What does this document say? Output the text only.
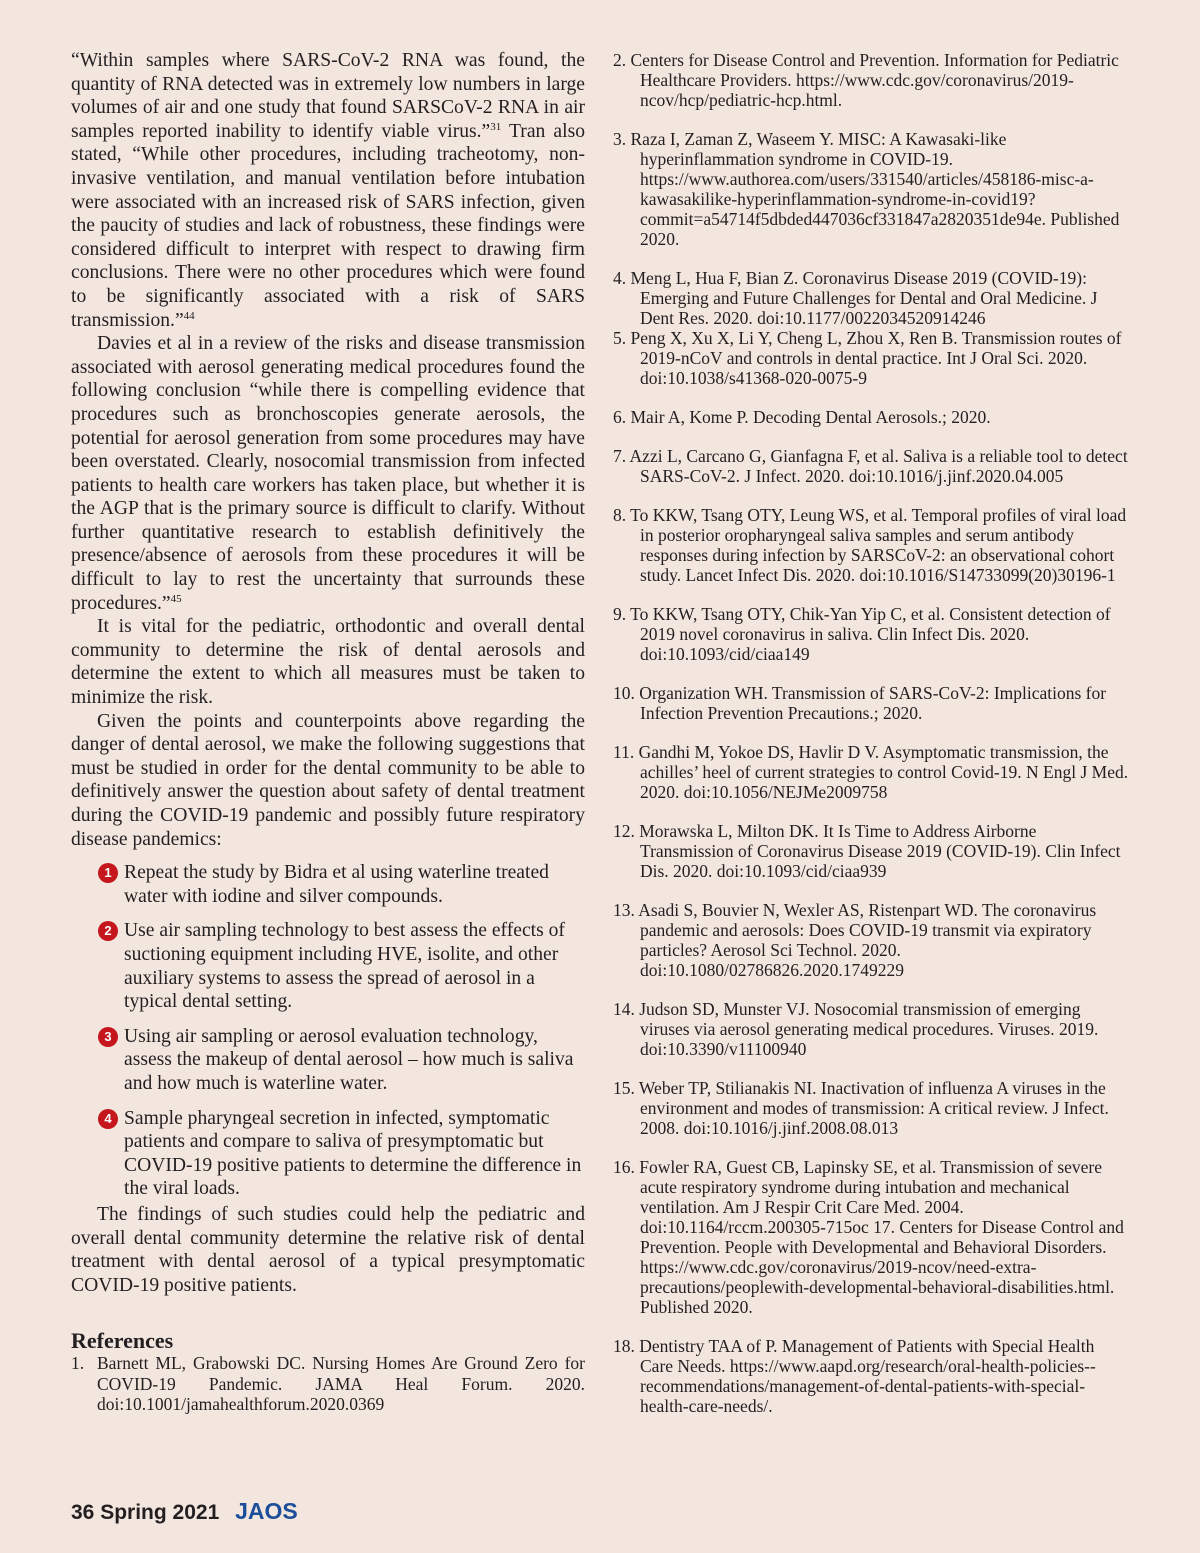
“Within samples where SARS-CoV-2 RNA was found, the quantity of RNA detected was in extremely low numbers in large volumes of air and one study that found SARSCoV-2 RNA in air samples reported inability to identify viable virus.”$^{31}$ Tran also stated, “While other procedures, including tracheotomy, non-invasive ventilation, and manual ventilation before intubation were associated with an increased risk of SARS infection, given the paucity of studies and lack of robustness, these findings were considered difficult to interpret with respect to drawing firm conclusions. There were no other procedures which were found to be significantly associated with a risk of SARS transmission.”$^{44}$

Davies et al in a review of the risks and disease transmission associated with aerosol generating medical procedures found the following conclusion “while there is compelling evidence that procedures such as bronchoscopies generate aerosols, the potential for aerosol generation from some procedures may have been overstated. Clearly, nosocomial transmission from infected patients to health care workers has taken place, but whether it is the AGP that is the primary source is difficult to clarify. Without further quantitative research to establish definitively the presence/absence of aerosols from these procedures it will be difficult to lay to rest the uncertainty that surrounds these procedures.”$^{45}$

It is vital for the pediatric, orthodontic and overall dental community to determine the risk of dental aerosols and determine the extent to which all measures must be taken to minimize the risk.

Given the points and counterpoints above regarding the danger of dental aerosol, we make the following suggestions that must be studied in order for the dental community to be able to definitively answer the question about safety of dental treatment during the COVID-19 pandemic and possibly future respiratory disease pandemics:

1 Repeat the study by Bidra et al using waterline treated water with iodine and silver compounds.
2 Use air sampling technology to best assess the effects of suctioning equipment including HVE, isolite, and other auxiliary systems to assess the spread of aerosol in a typical dental setting.
3 Using air sampling or aerosol evaluation technology, assess the makeup of dental aerosol – how much is saliva and how much is waterline water.
4 Sample pharyngeal secretion in infected, symptomatic patients and compare to saliva of presymptomatic but COVID-19 positive patients to determine the difference in the viral loads.

The findings of such studies could help the pediatric and overall dental community determine the relative risk of dental treatment with dental aerosol of a typical presymptomatic COVID-19 positive patients.

References

1. Barnett ML, Grabowski DC. Nursing Homes Are Ground Zero for COVID-19 Pandemic. JAMA Heal Forum. 2020. doi:10.1001/jamahealthforum.2020.0369

2. Centers for Disease Control and Prevention. Information for Pediatric Healthcare Providers. https://www.cdc.gov/coronavirus/2019-ncov/hcp/pediatric-hcp.html.

3. Raza I, Zaman Z, Waseem Y. MISC: A Kawasaki-like hyperinflammation syndrome in COVID-19. https://www.authorea.com/users/331540/articles/458186-misc-a-kawasakilike-hyperinflammation-syndrome-in-covid19?commit=a54714f5dbded447036cf331847a2820351de94e. Published 2020.

4. Meng L, Hua F, Bian Z. Coronavirus Disease 2019 (COVID-19): Emerging and Future Challenges for Dental and Oral Medicine. J Dent Res. 2020. doi:10.1177/0022034520914246

5. Peng X, Xu X, Li Y, Cheng L, Zhou X, Ren B. Transmission routes of 2019-nCoV and controls in dental practice. Int J Oral Sci. 2020. doi:10.1038/s41368-020-0075-9

6. Mair A, Kome P. Decoding Dental Aerosols.; 2020.

7. Azzi L, Carcano G, Gianfagna F, et al. Saliva is a reliable tool to detect SARS-CoV-2. J Infect. 2020. doi:10.1016/j.jinf.2020.04.005

8. To KKW, Tsang OTY, Leung WS, et al. Temporal profiles of viral load in posterior oropharyngeal saliva samples and serum antibody responses during infection by SARSCoV-2: an observational cohort study. Lancet Infect Dis. 2020. doi:10.1016/S14733099(20)30196-1

9. To KKW, Tsang OTY, Chik-Yan Yip C, et al. Consistent detection of 2019 novel coronavirus in saliva. Clin Infect Dis. 2020. doi:10.1093/cid/ciaa149

10. Organization WH. Transmission of SARS-CoV-2: Implications for Infection Prevention Precautions.; 2020.

11. Gandhi M, Yokoe DS, Havlir D V. Asymptomatic transmission, the achilles’ heel of current strategies to control Covid-19. N Engl J Med. 2020. doi:10.1056/NEJMe2009758

12. Morawska L, Milton DK. It Is Time to Address Airborne Transmission of Coronavirus Disease 2019 (COVID-19). Clin Infect Dis. 2020. doi:10.1093/cid/ciaa939

13. Asadi S, Bouvier N, Wexler AS, Ristenpart WD. The coronavirus pandemic and aerosols: Does COVID-19 transmit via expiratory particles? Aerosol Sci Technol. 2020. doi:10.1080/02786826.2020.1749229

14. Judson SD, Munster VJ. Nosocomial transmission of emerging viruses via aerosol generating medical procedures. Viruses. 2019. doi:10.3390/v11100940

15. Weber TP, Stilianakis NI. Inactivation of influenza A viruses in the environment and modes of transmission: A critical review. J Infect. 2008. doi:10.1016/j.jinf.2008.08.013

16. Fowler RA, Guest CB, Lapinsky SE, et al. Transmission of severe acute respiratory syndrome during intubation and mechanical ventilation. Am J Respir Crit Care Med. 2004. doi:10.1164/rccm.200305-715oc 17. Centers for Disease Control and Prevention. People with Developmental and Behavioral Disorders. https://www.cdc.gov/coronavirus/2019-ncov/need-extra-precautions/peoplewith-developmental-behavioral-disabilities.html. Published 2020.

18. Dentistry TAA of P. Management of Patients with Special Health Care Needs. https://www.aapd.org/research/oral-health-policies--recommendations/management-of-dental-patients-with-special-health-care-needs/.

36 Spring 2021 JAOS
